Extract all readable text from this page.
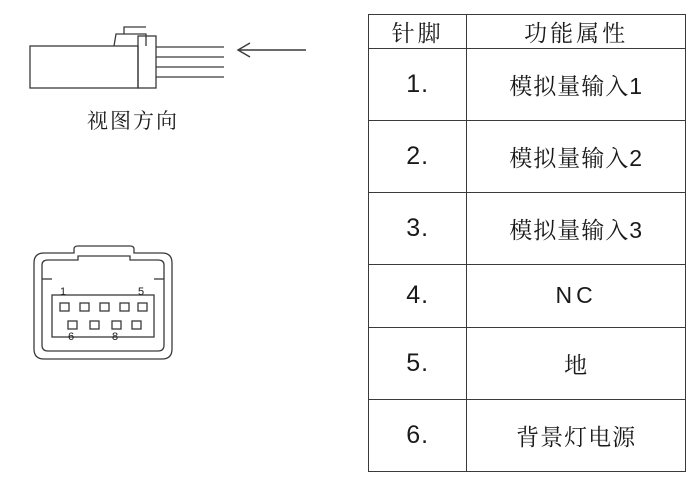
视图方向
1	5
6	8
针脚	功能属性
1.	模拟量输入1
2.	模拟量输入2
3.	模拟量输入3
4.	NC
5.	地
6.	背景灯电源
